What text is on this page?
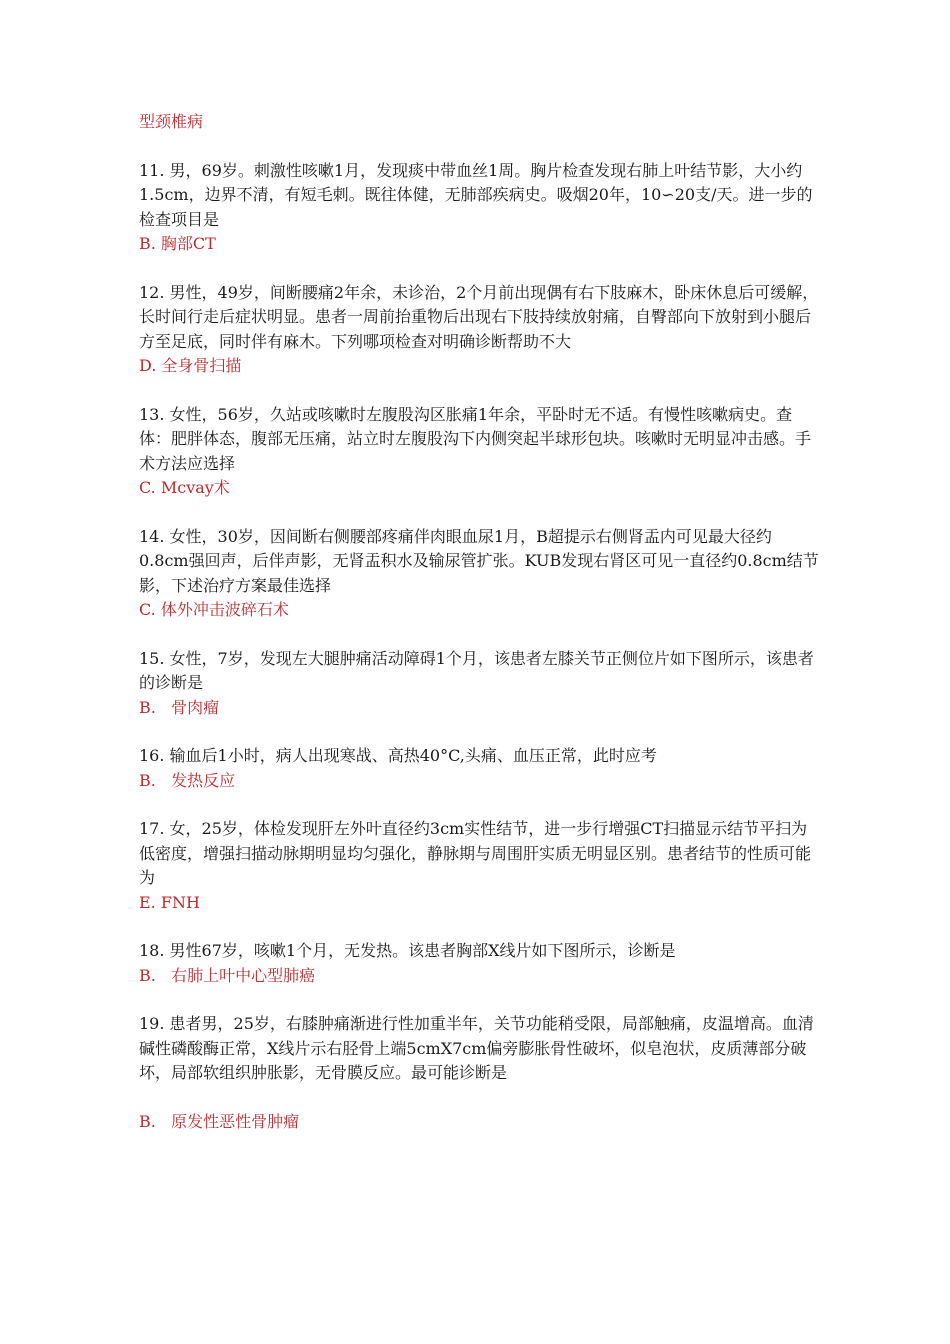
型颈椎病

11. 男，69岁。刺激性咳嗽1月，发现痰中带血丝1周。胸片检查发现右肺上叶结节影，大小约1.5cm，边界不清，有短毛刺。既往体健，无肺部疾病史。吸烟20年，10∽20支/天。进一步的检查项目是

B. 胸部CT

12. 男性，49岁，间断腰痛2年余，未诊治，2个月前出现偶有右下肢麻木，卧床休息后可缓解，长时间行走后症状明显。患者一周前抬重物后出现右下肢持续放射痛，自臀部向下放射到小腿后方至足底，同时伴有麻木。下列哪项检查对明确诊断帮助不大

D. 全身骨扫描

13. 女性，56岁，久站或咳嗽时左腹股沟区胀痛1年余，平卧时无不适。有慢性咳嗽病史。查体：肥胖体态，腹部无压痛，站立时左腹股沟下内侧突起半球形包块。咳嗽时无明显冲击感。手术方法应选择

C. Mcvay术

14. 女性，30岁，因间断右侧腰部疼痛伴肉眼血尿1月，B超提示右侧肾盂内可见最大径约0.8cm强回声，后伴声影，无肾盂积水及输尿管扩张。KUB发现右肾区可见一直径约0.8cm结节影，下述治疗方案最佳选择

C. 体外冲击波碎石术

15. 女性，7岁，发现左大腿肿痛活动障碍1个月，该患者左膝关节正侧位片如下图所示，该患者的诊断是

B.   骨肉瘤

16. 输血后1小时，病人出现寒战、高热40°C,头痛、血压正常，此时应考

B.   发热反应

17. 女，25岁，体检发现肝左外叶直径约3cm实性结节，进一步行增强CT扫描显示结节平扫为低密度，增强扫描动脉期明显均匀强化，静脉期与周围肝实质无明显区别。患者结节的性质可能为

E. FNH

18. 男性67岁，咳嗽1个月，无发热。该患者胸部X线片如下图所示，诊断是

B.   右肺上叶中心型肺癌

19. 患者男，25岁，右膝肿痛渐进行性加重半年，关节功能稍受限，局部触痛，皮温增高。血清碱性磷酸酶正常，X线片示右胫骨上端5cmX7cm偏旁膨胀骨性破坏，似皂泡状，皮质薄部分破坏，局部软组织肿胀影，无骨膜反应。最可能诊断是

B.   原发性恶性骨肿瘤
